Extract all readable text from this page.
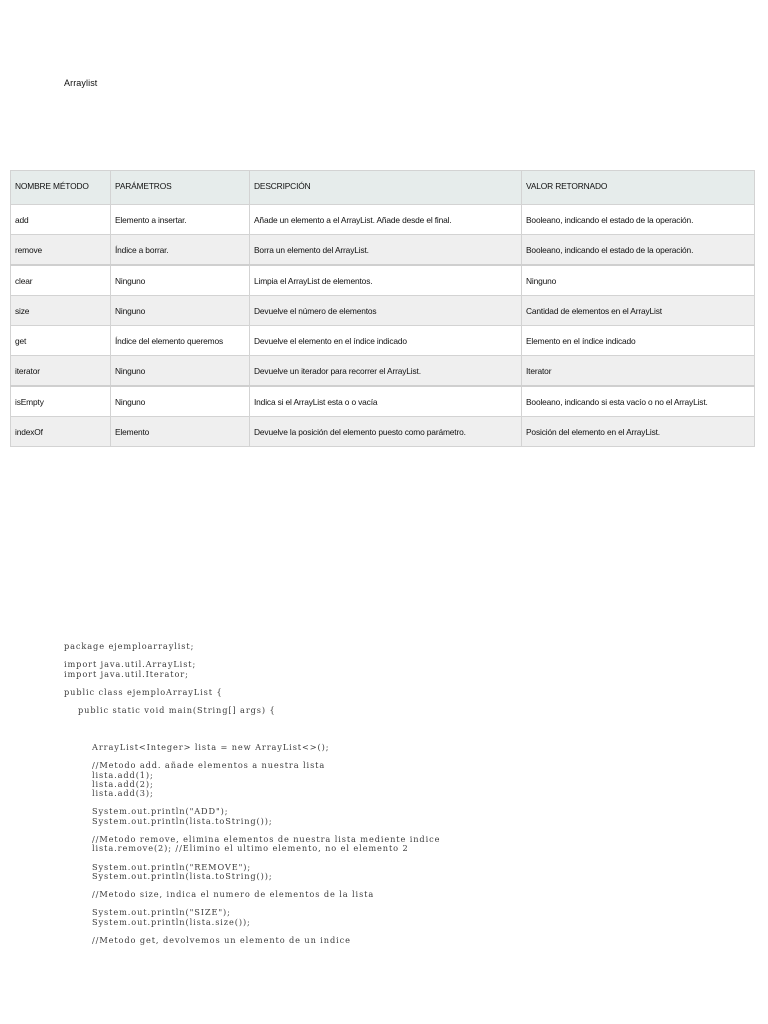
Arraylist
NOMBRE MÉTODO	PARÁMETROS	DESCRIPCIÓN	VALOR RETORNADO
add	Elemento a insertar.	Añade un elemento a el ArrayList. Añade desde el final.	Booleano, indicando el estado de la operación.
remove	Índice a borrar.	Borra un elemento del ArrayList.	Booleano, indicando el estado de la operación.
clear	Ninguno	Limpia el ArrayList de elementos.	Ninguno
size	Ninguno	Devuelve el número de elementos	Cantidad de elementos en el ArrayList
get	Índice del elemento queremos	Devuelve el elemento en el índice indicado	Elemento en el índice indicado
iterator	Ninguno	Devuelve un iterador para recorrer el ArrayList.	Iterator
isEmpty	Ninguno	Indica si el ArrayList esta o o vacía	Booleano, indicando si esta vacío o no el ArrayList.
indexOf	Elemento	Devuelve la posición del elemento puesto como parámetro.	Posición del elemento en el ArrayList.
package ejemploarraylist;
import java.util.ArrayList;
import java.util.Iterator;
public class ejemploArrayList {
public static void main(String[] args) {
ArrayList<Integer> lista = new ArrayList<>();
//Metodo add. añade elementos a nuestra lista
lista.add(1);
lista.add(2);
lista.add(3);
System.out.println("ADD");
System.out.println(lista.toString());
//Metodo remove, elimina elementos de nuestra lista mediente indice
lista.remove(2); //Elimino el ultimo elemento, no el elemento 2
System.out.println("REMOVE");
System.out.println(lista.toString());
//Metodo size, indica el numero de elementos de la lista
System.out.println("SIZE");
System.out.println(lista.size());
//Metodo get, devolvemos un elemento de un indice
